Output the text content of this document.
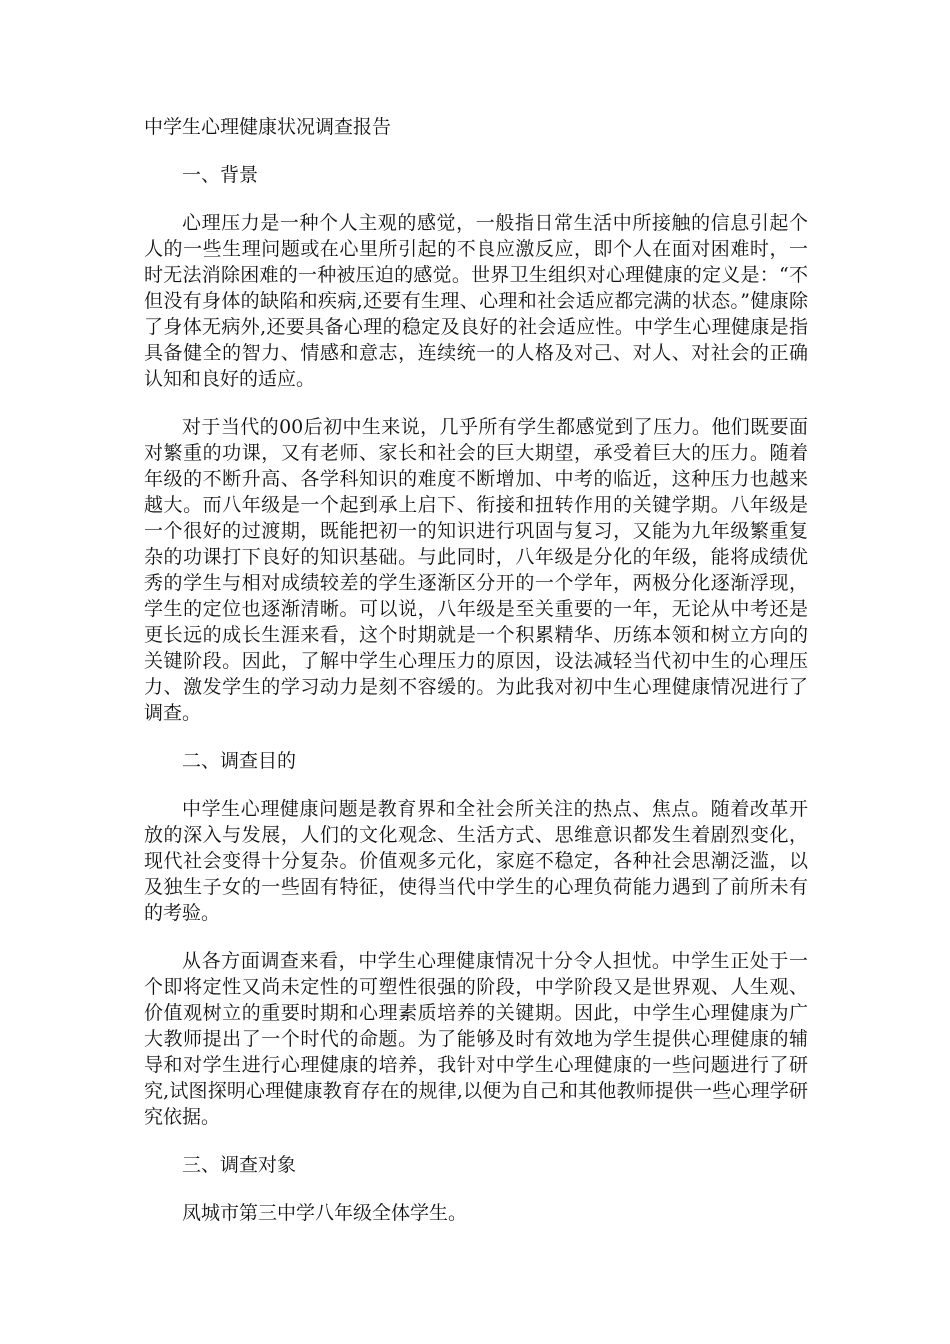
中学生心理健康状况调查报告
一、背景

心理压力是一种个人主观的感觉，一般指日常生活中所接触的信息引起个人的一些生理问题或在心里所引起的不良应激反应，即个人在面对困难时，一时无法消除困难的一种被压迫的感觉。世界卫生组织对心理健康的定义是：“不但没有身体的缺陷和疾病,还要有生理、心理和社会适应都完满的状态。”健康除了身体无病外,还要具备心理的稳定及良好的社会适应性。中学生心理健康是指具备健全的智力、情感和意志，连续统一的人格及对己、对人、对社会的正确认知和良好的适应。

对于当代的00后初中生来说，几乎所有学生都感觉到了压力。他们既要面对繁重的功课，又有老师、家长和社会的巨大期望，承受着巨大的压力。随着年级的不断升高、各学科知识的难度不断增加、中考的临近，这种压力也越来越大。而八年级是一个起到承上启下、衔接和扭转作用的关键学期。八年级是一个很好的过渡期，既能把初一的知识进行巩固与复习，又能为九年级繁重复杂的功课打下良好的知识基础。与此同时，八年级是分化的年级，能将成绩优秀的学生与相对成绩较差的学生逐渐区分开的一个学年，两极分化逐渐浮现，学生的定位也逐渐清晰。可以说，八年级是至关重要的一年，无论从中考还是更长远的成长生涯来看，这个时期就是一个积累精华、历练本领和树立方向的关键阶段。因此，了解中学生心理压力的原因，设法减轻当代初中生的心理压力、激发学生的学习动力是刻不容缓的。为此我对初中生心理健康情况进行了调查。

二、调查目的

中学生心理健康问题是教育界和全社会所关注的热点、焦点。随着改革开放的深入与发展，人们的文化观念、生活方式、思维意识都发生着剧烈变化，现代社会变得十分复杂。价值观多元化，家庭不稳定，各种社会思潮泛滥，以及独生子女的一些固有特征，使得当代中学生的心理负荷能力遇到了前所未有的考验。

从各方面调查来看，中学生心理健康情况十分令人担忧。中学生正处于一个即将定性又尚未定性的可塑性很强的阶段，中学阶段又是世界观、人生观、价值观树立的重要时期和心理素质培养的关键期。因此，中学生心理健康为广大教师提出了一个时代的命题。为了能够及时有效地为学生提供心理健康的辅导和对学生进行心理健康的培养，我针对中学生心理健康的一些问题进行了研究,试图探明心理健康教育存在的规律,以便为自己和其他教师提供一些心理学研究依据。

三、调查对象

凤城市第三中学八年级全体学生。
